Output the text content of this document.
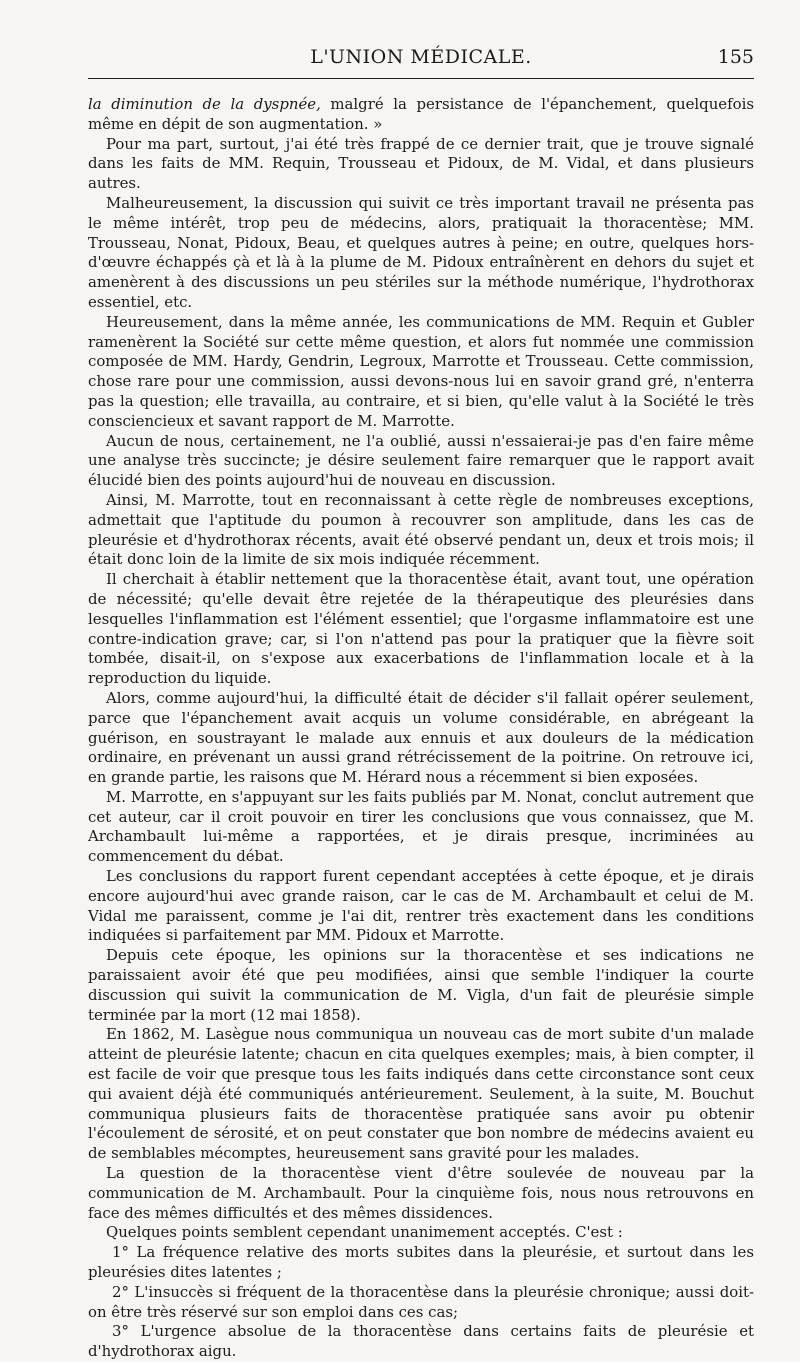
L'UNION MÉDICALE.	155

la diminution de la dyspnée, malgré la persistance de l'épanchement, quelquefois même en dépit de son augmentation. »

Pour ma part, surtout, j'ai été très frappé de ce dernier trait, que je trouve signalé dans les faits de MM. Requin, Trousseau et Pidoux, de M. Vidal, et dans plusieurs autres.

Malheureusement, la discussion qui suivit ce très important travail ne présenta pas le même intérêt, trop peu de médecins, alors, pratiquait la thoracentèse; MM. Trousseau, Nonat, Pidoux, Beau, et quelques autres à peine; en outre, quelques hors-d'œuvre échappés çà et là à la plume de M. Pidoux entraînèrent en dehors du sujet et amenèrent à des discussions un peu stériles sur la méthode numérique, l'hydrothorax essentiel, etc.

Heureusement, dans la même année, les communications de MM. Requin et Gubler ramenèrent la Société sur cette même question, et alors fut nommée une commission composée de MM. Hardy, Gendrin, Legroux, Marrotte et Trousseau. Cette commission, chose rare pour une commission, aussi devons-nous lui en savoir grand gré, n'enterra pas la question; elle travailla, au contraire, et si bien, qu'elle valut à la Société le très consciencieux et savant rapport de M. Marrotte.

Aucun de nous, certainement, ne l'a oublié, aussi n'essaierai-je pas d'en faire même une analyse très succincte; je désire seulement faire remarquer que le rapport avait élucidé bien des points aujourd'hui de nouveau en discussion.

Ainsi, M. Marrotte, tout en reconnaissant à cette règle de nombreuses exceptions, admettait que l'aptitude du poumon à recouvrer son amplitude, dans les cas de pleurésie et d'hydrothorax récents, avait été observé pendant un, deux et trois mois; il était donc loin de la limite de six mois indiquée récemment.

Il cherchait à établir nettement que la thoracentèse était, avant tout, une opération de nécessité; qu'elle devait être rejetée de la thérapeutique des pleurésies dans lesquelles l'inflammation est l'élément essentiel; que l'orgasme inflammatoire est une contre-indication grave; car, si l'on n'attend pas pour la pratiquer que la fièvre soit tombée, disait-il, on s'expose aux exacerbations de l'inflammation locale et à la reproduction du liquide.

Alors, comme aujourd'hui, la difficulté était de décider s'il fallait opérer seulement, parce que l'épanchement avait acquis un volume considérable, en abrégeant la guérison, en soustrayant le malade aux ennuis et aux douleurs de la médication ordinaire, en prévenant un aussi grand rétrécissement de la poitrine. On retrouve ici, en grande partie, les raisons que M. Hérard nous a récemment si bien exposées.

M. Marrotte, en s'appuyant sur les faits publiés par M. Nonat, conclut autrement que cet auteur, car il croit pouvoir en tirer les conclusions que vous connaissez, que M. Archambault lui-même a rapportées, et je dirais presque, incriminées au commencement du débat.

Les conclusions du rapport furent cependant acceptées à cette époque, et je dirais encore aujourd'hui avec grande raison, car le cas de M. Archambault et celui de M. Vidal me paraissent, comme je l'ai dit, rentrer très exactement dans les conditions indiquées si parfaitement par MM. Pidoux et Marrotte.

Depuis cete époque, les opinions sur la thoracentèse et ses indications ne paraissaient avoir été que peu modifiées, ainsi que semble l'indiquer la courte discussion qui suivit la communication de M. Vigla, d'un fait de pleurésie simple terminée par la mort (12 mai 1858).

En 1862, M. Lasègue nous communiqua un nouveau cas de mort subite d'un malade atteint de pleurésie latente; chacun en cita quelques exemples; mais, à bien compter, il est facile de voir que presque tous les faits indiqués dans cette circonstance sont ceux qui avaient déjà été communiqués antérieurement. Seulement, à la suite, M. Bouchut communiqua plusieurs faits de thoracentèse pratiquée sans avoir pu obtenir l'écoulement de sérosité, et on peut constater que bon nombre de médecins avaient eu de semblables mécomptes, heureusement sans gravité pour les malades.

La question de la thoracentèse vient d'être soulevée de nouveau par la communication de M. Archambault. Pour la cinquième fois, nous nous retrouvons en face des mêmes difficultés et des mêmes dissidences.

Quelques points semblent cependant unanimement acceptés. C'est :

1° La fréquence relative des morts subites dans la pleurésie, et surtout dans les pleurésies dites latentes ;

2° L'insuccès si fréquent de la thoracentèse dans la pleurésie chronique; aussi doit-on être très réservé sur son emploi dans ces cas;

3° L'urgence absolue de la thoracentèse dans certains faits de pleurésie et d'hydrothorax aigu.
